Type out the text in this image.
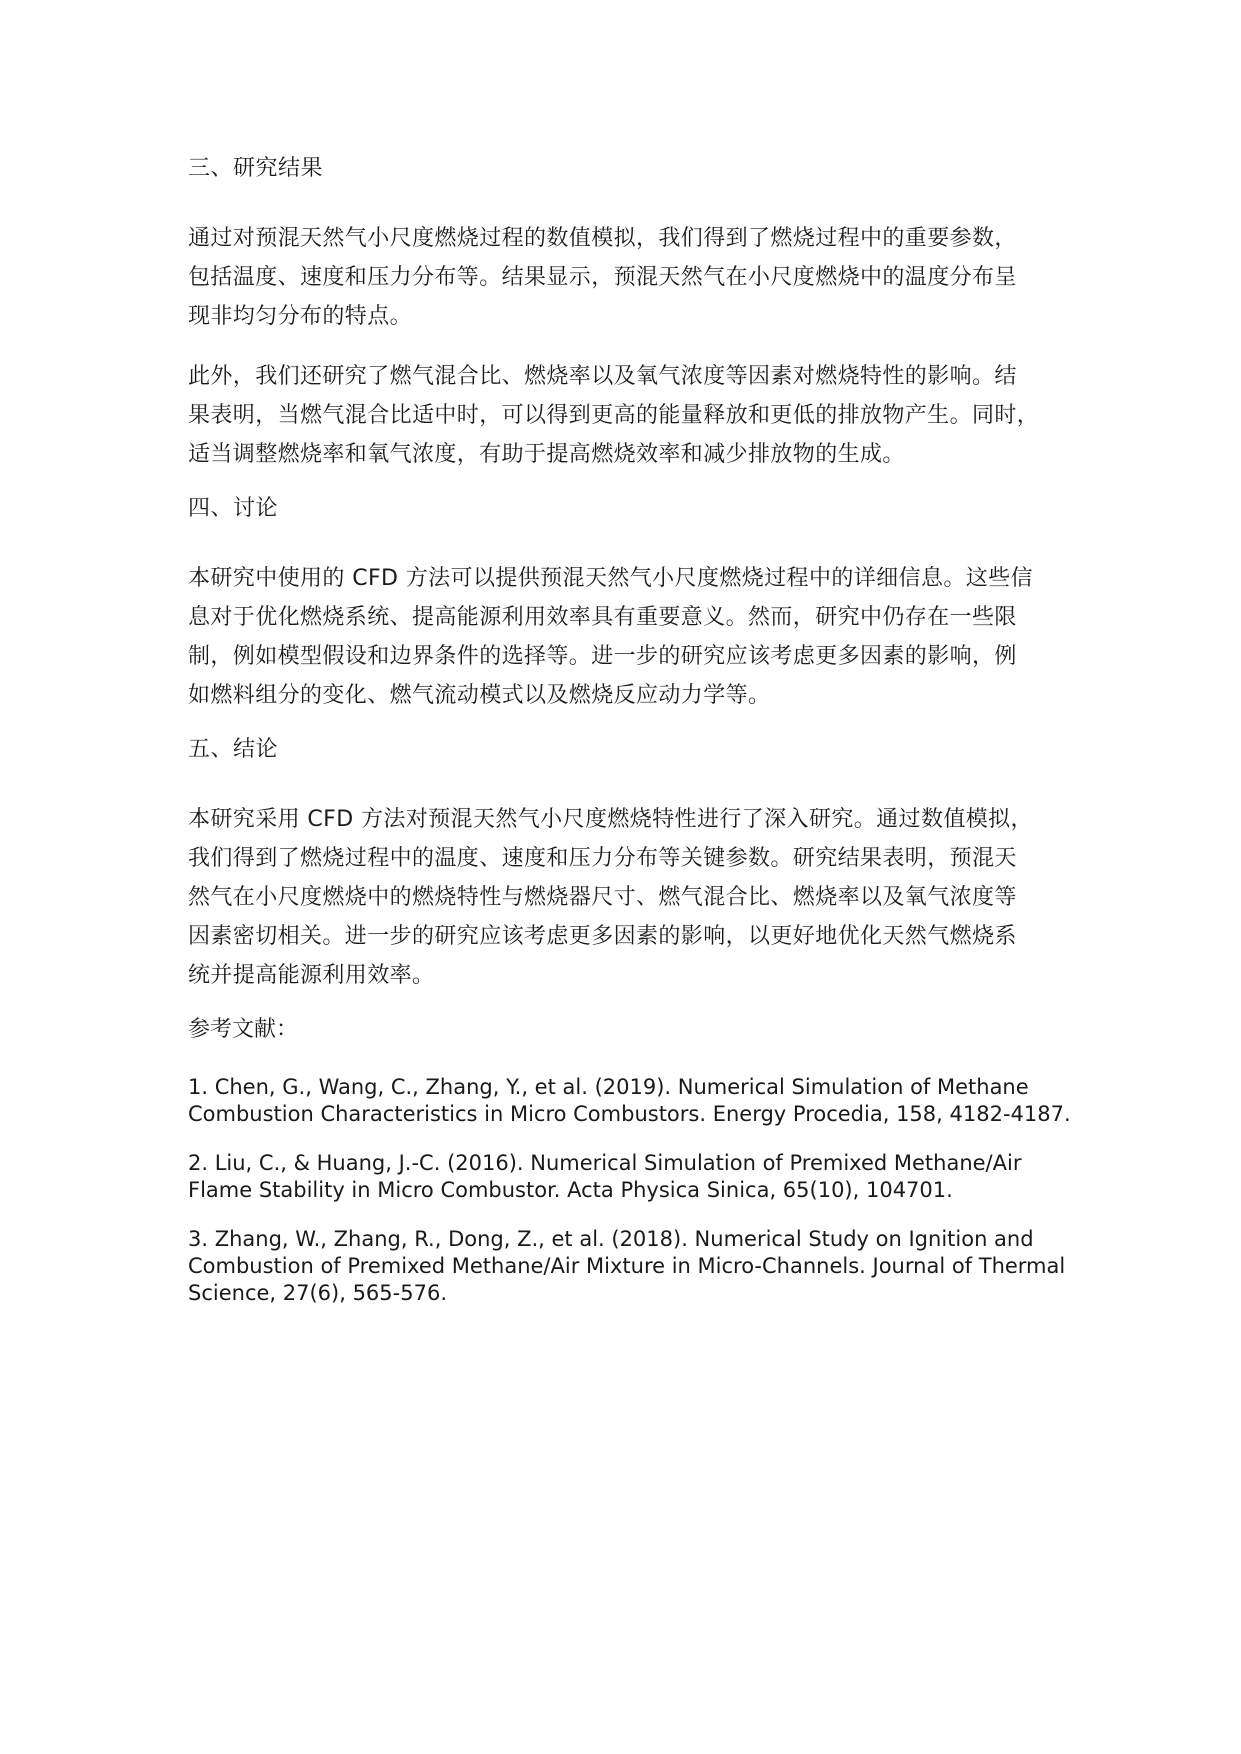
三、研究结果

通过对预混天然气小尺度燃烧过程的数值模拟，我们得到了燃烧过程中的重要参数，
包括温度、速度和压力分布等。结果显示，预混天然气在小尺度燃烧中的温度分布呈
现非均匀分布的特点。

此外，我们还研究了燃气混合比、燃烧率以及氧气浓度等因素对燃烧特性的影响。结
果表明，当燃气混合比适中时，可以得到更高的能量释放和更低的排放物产生。同时，
适当调整燃烧率和氧气浓度，有助于提高燃烧效率和减少排放物的生成。

四、讨论

本研究中使用的 CFD 方法可以提供预混天然气小尺度燃烧过程中的详细信息。这些信
息对于优化燃烧系统、提高能源利用效率具有重要意义。然而，研究中仍存在一些限
制，例如模型假设和边界条件的选择等。进一步的研究应该考虑更多因素的影响，例
如燃料组分的变化、燃气流动模式以及燃烧反应动力学等。

五、结论

本研究采用 CFD 方法对预混天然气小尺度燃烧特性进行了深入研究。通过数值模拟，
我们得到了燃烧过程中的温度、速度和压力分布等关键参数。研究结果表明，预混天
然气在小尺度燃烧中的燃烧特性与燃烧器尺寸、燃气混合比、燃烧率以及氧气浓度等
因素密切相关。进一步的研究应该考虑更多因素的影响，以更好地优化天然气燃烧系
统并提高能源利用效率。

参考文献：
1. Chen, G., Wang, C., Zhang, Y., et al. (2019). Numerical Simulation of Methane
Combustion Characteristics in Micro Combustors. Energy Procedia, 158, 4182-4187.
2. Liu, C., & Huang, J.-C. (2016). Numerical Simulation of Premixed Methane/Air
Flame Stability in Micro Combustor. Acta Physica Sinica, 65(10), 104701.
3. Zhang, W., Zhang, R., Dong, Z., et al. (2018). Numerical Study on Ignition and
Combustion of Premixed Methane/Air Mixture in Micro-Channels. Journal of Thermal
Science, 27(6), 565-576.
